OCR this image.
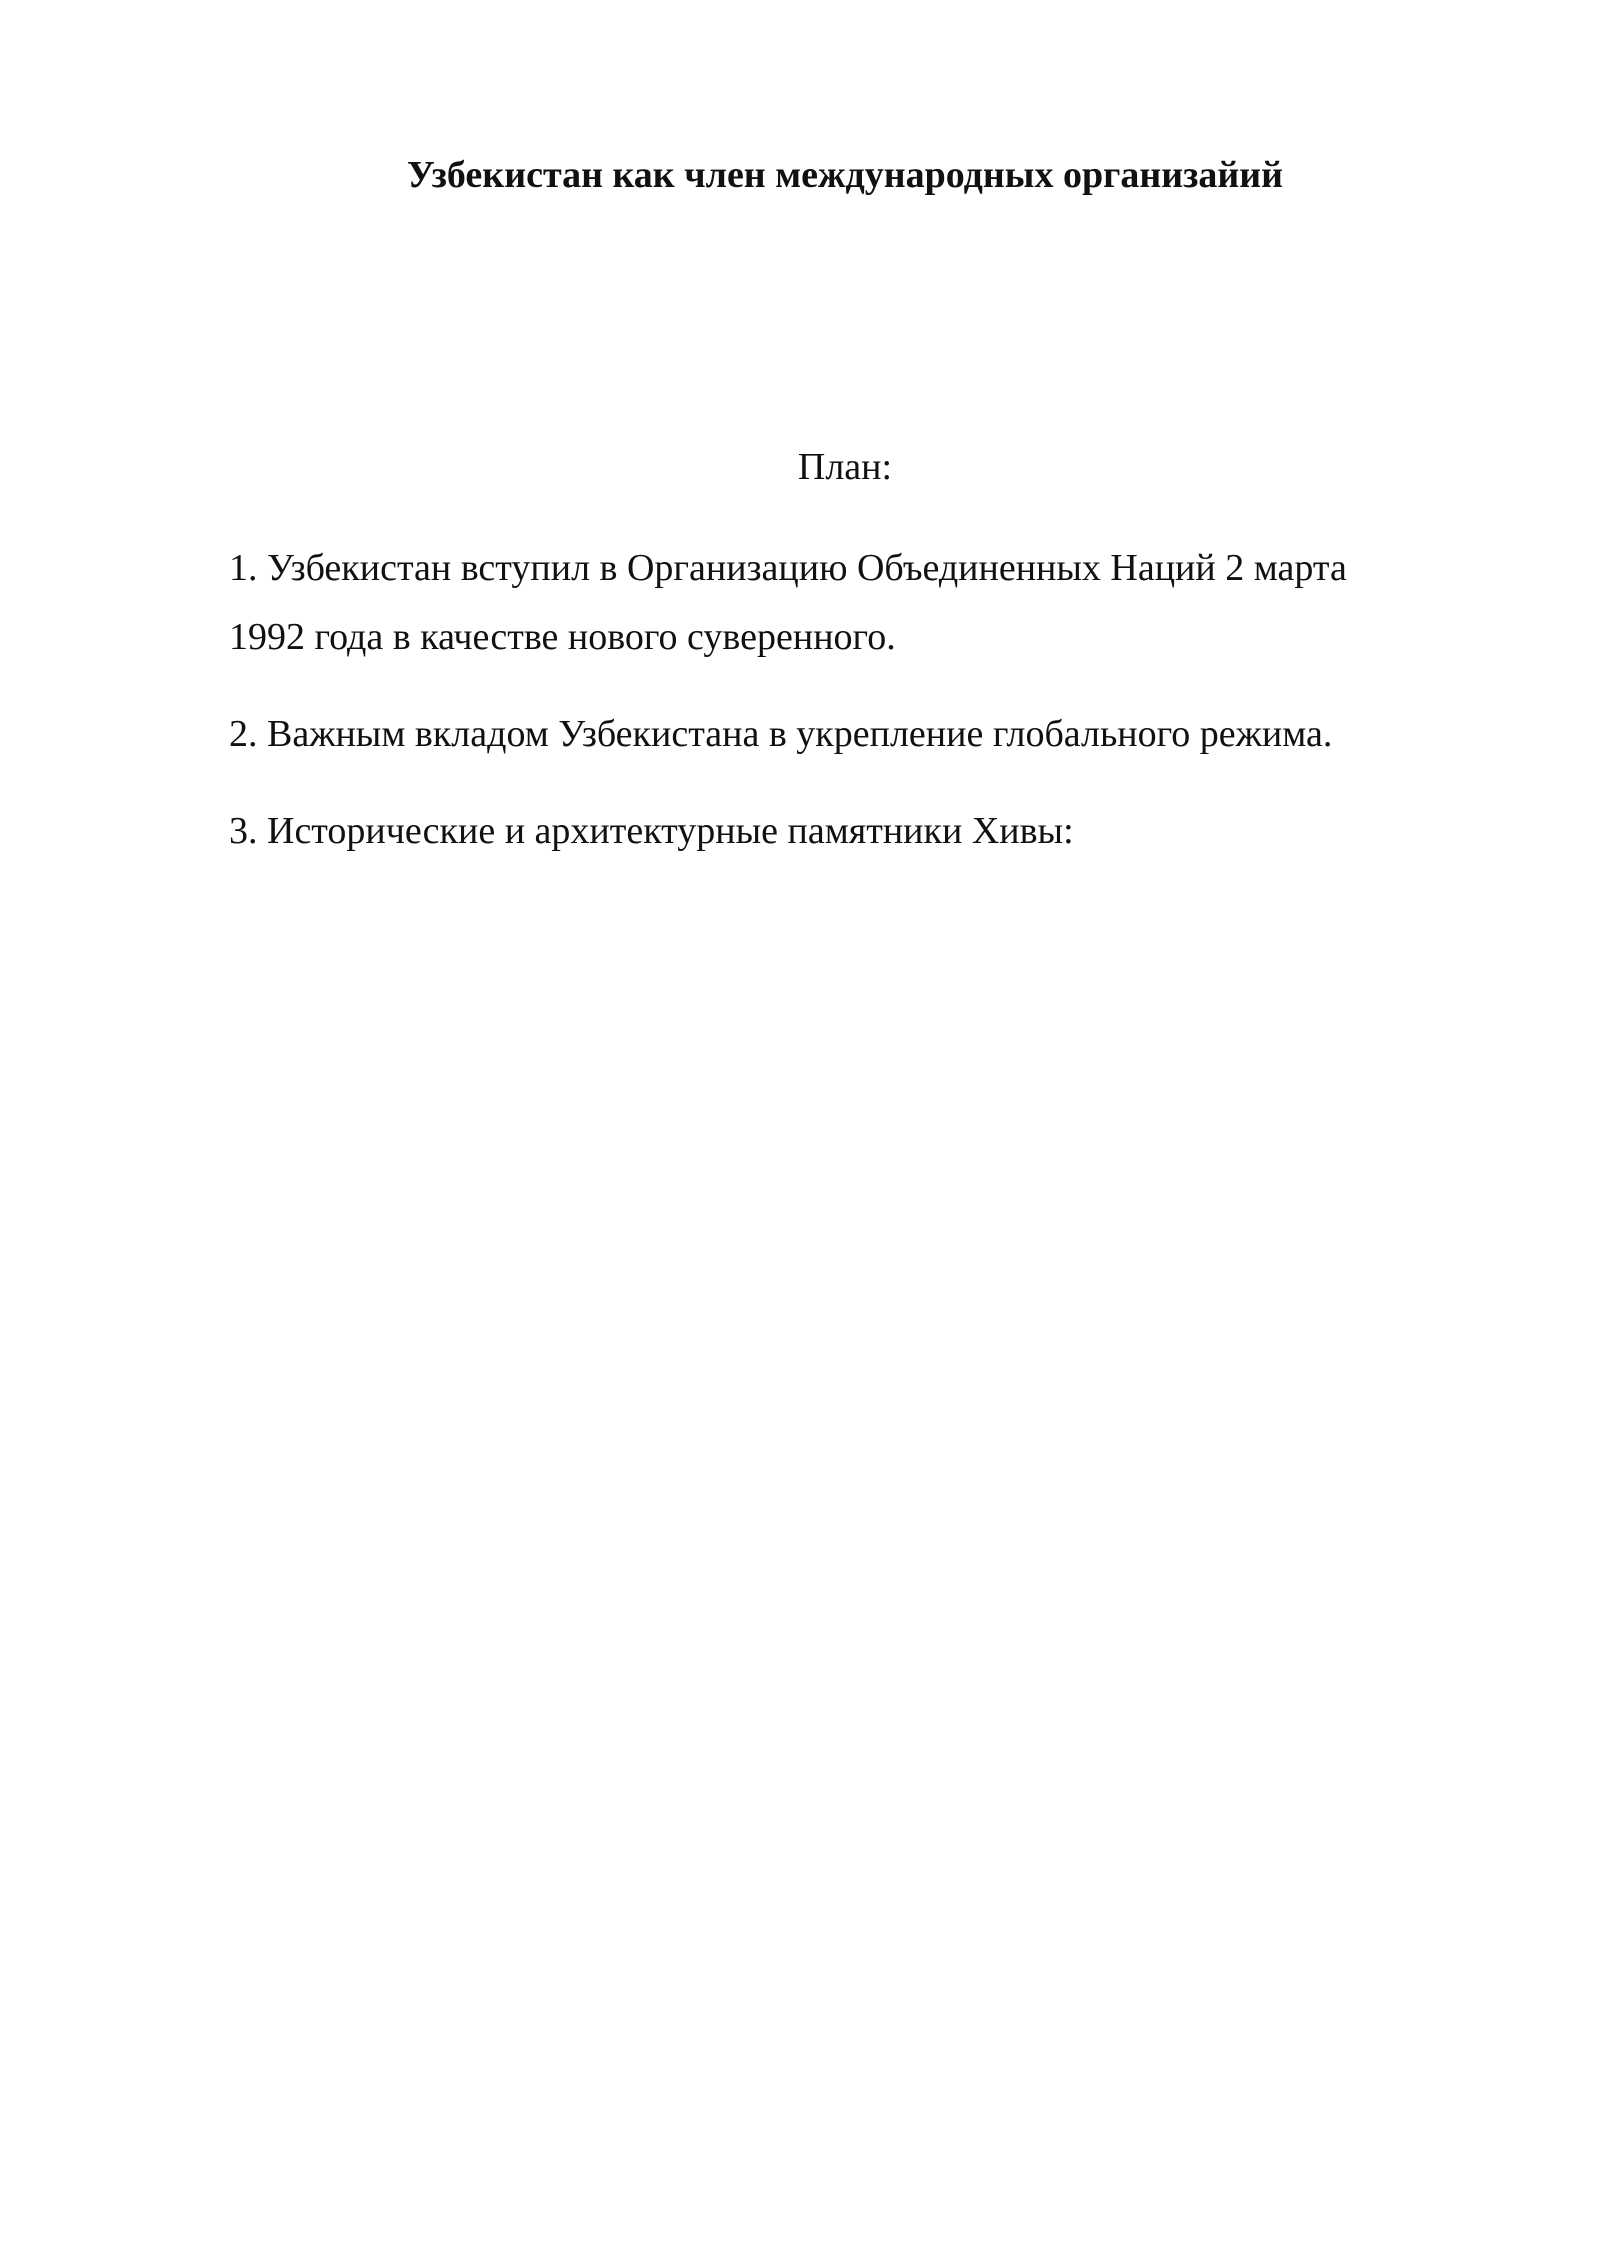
Узбекистан как член международных организайий
План:
1. Узбекистан вступил в Организацию Объединенных Наций 2 марта 1992 года в качестве нового суверенного.
2. Важным вкладом Узбекистана в укрепление глобального режима.
3. Исторические и архитектурные памятники Хивы:
